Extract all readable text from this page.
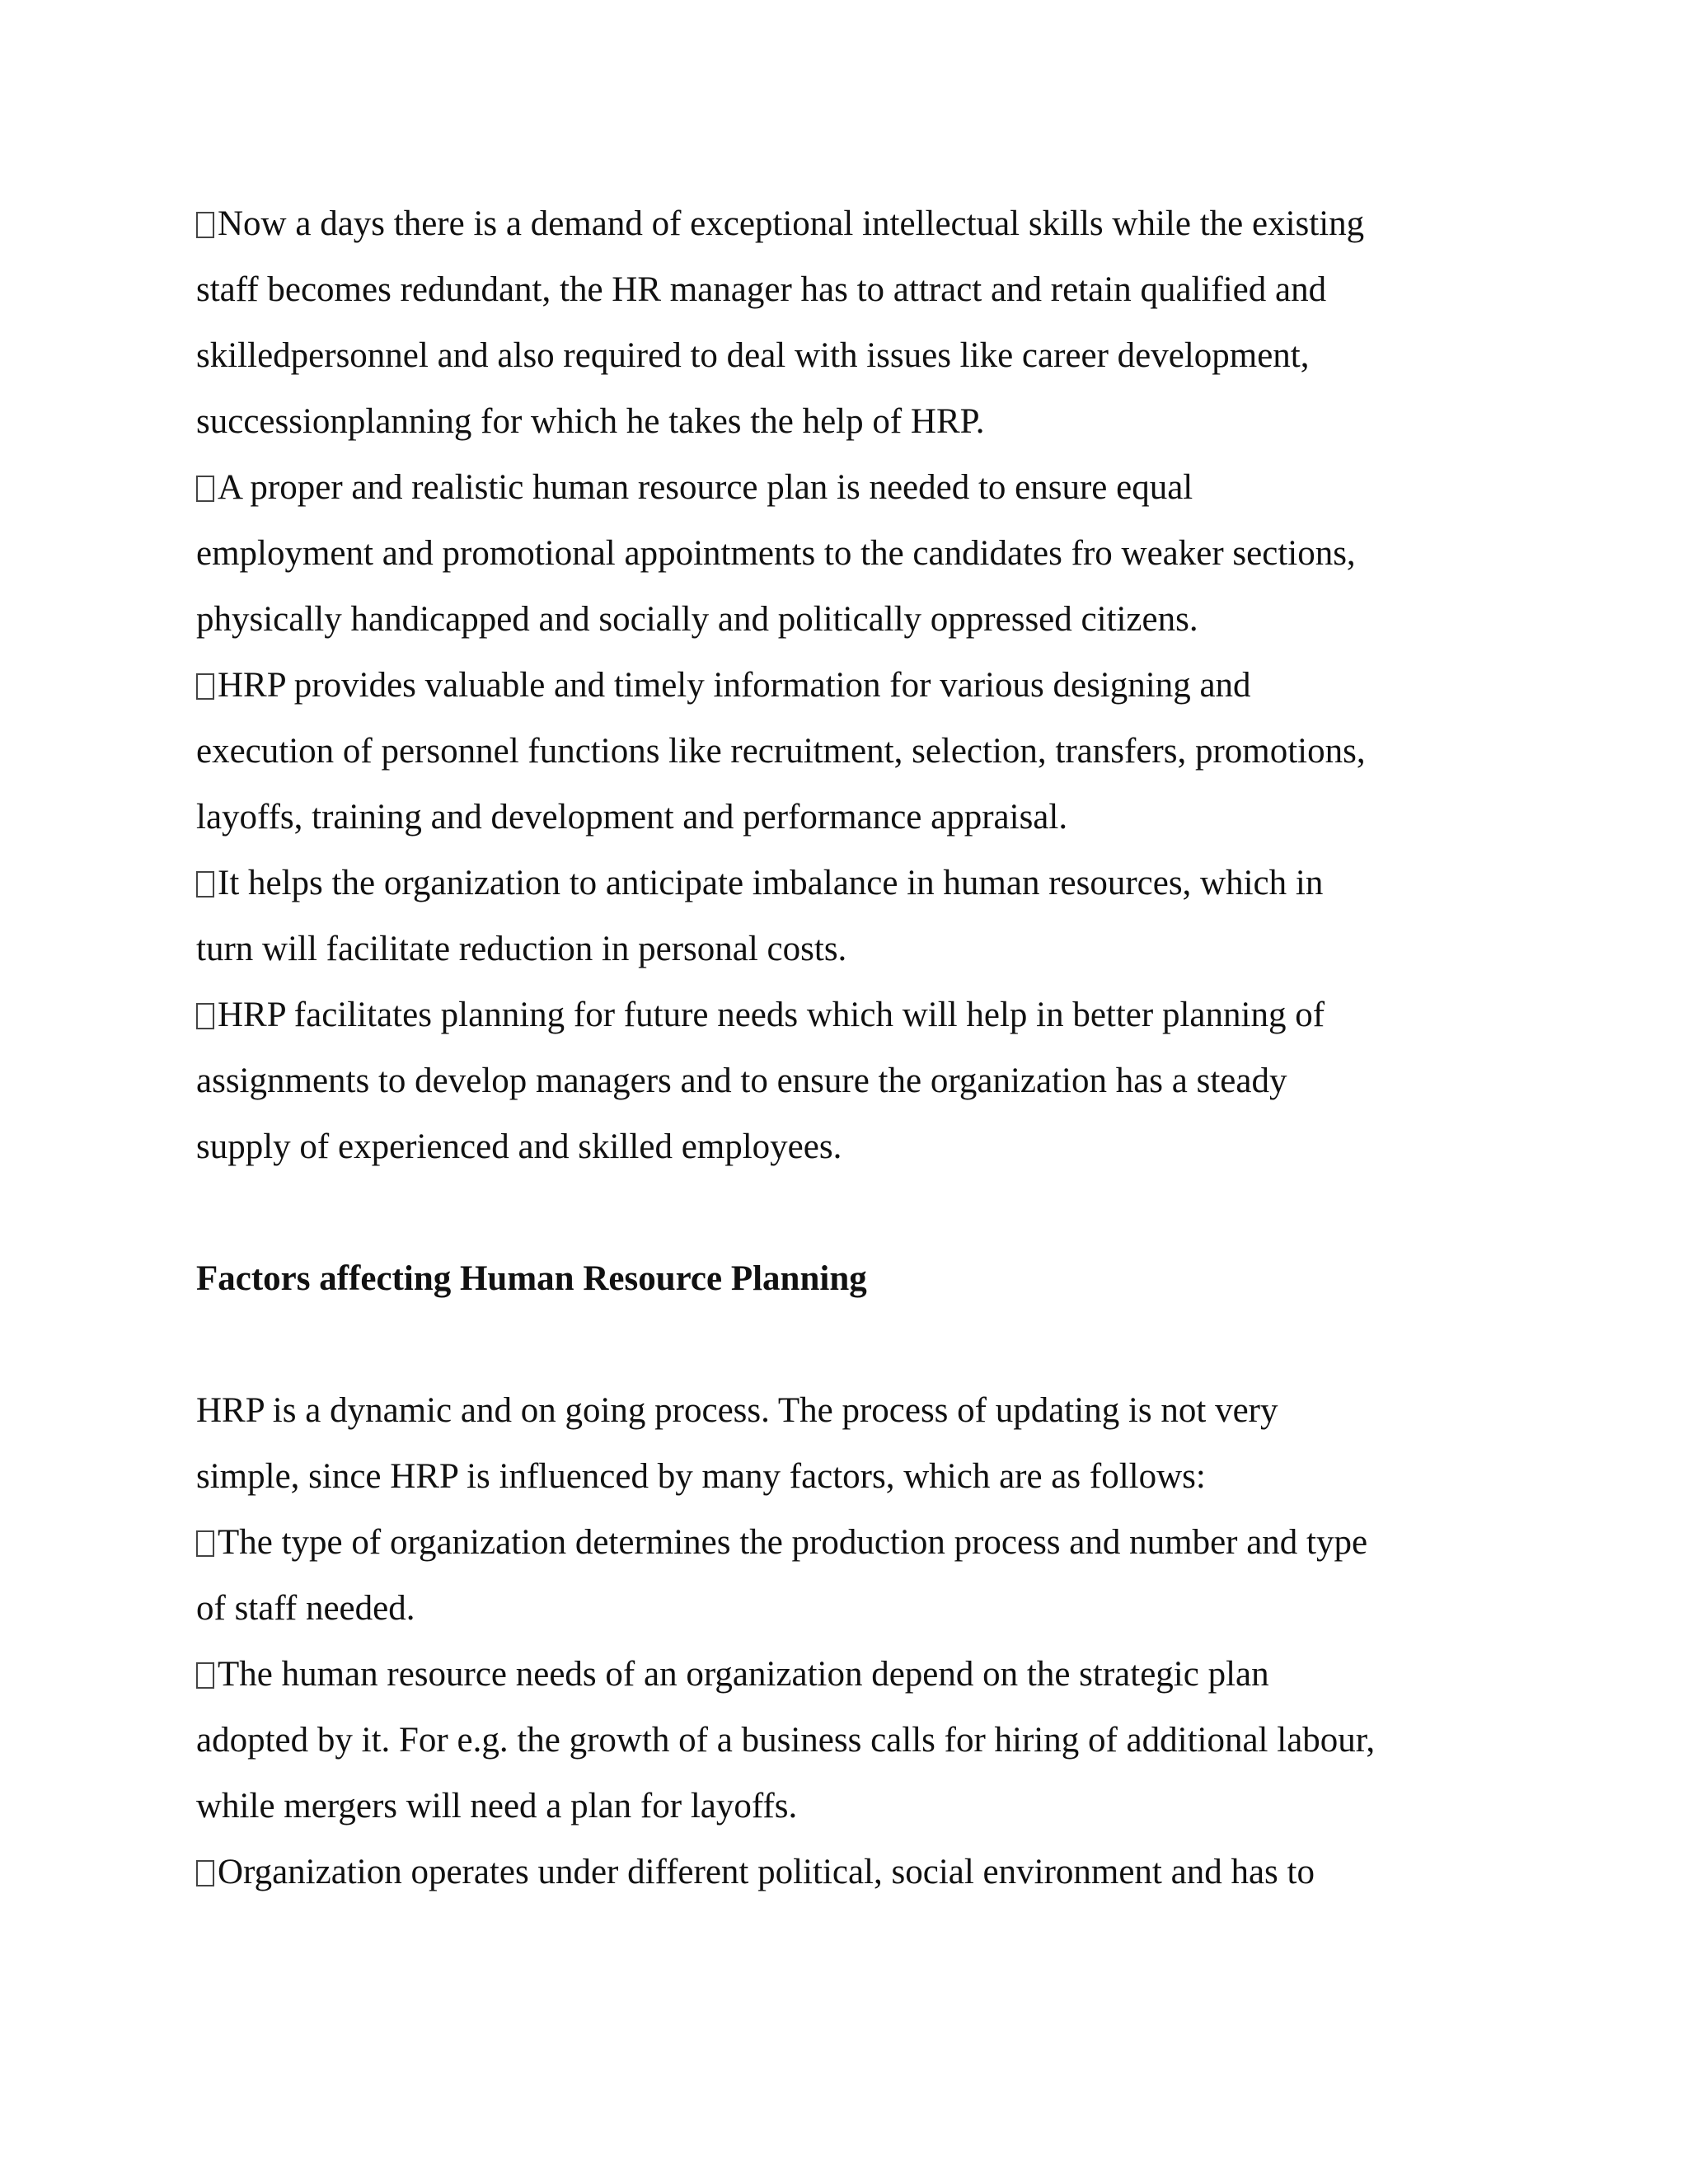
Now a days there is a demand of exceptional intellectual skills while the existing
staff becomes redundant, the HR manager has to attract and retain qualified and
skilledpersonnel and also required to deal with issues like career development,
successionplanning for which he takes the help of HRP.
A proper and realistic human resource plan is needed to ensure equal
employment and promotional appointments to the candidates fro weaker sections,
physically handicapped and socially and politically oppressed citizens.
HRP provides valuable and timely information for various designing and
execution of personnel functions like recruitment, selection, transfers, promotions,
layoffs, training and development and performance appraisal.
It helps the organization to anticipate imbalance in human resources, which in
turn will facilitate reduction in personal costs.
HRP facilitates planning for future needs which will help in better planning of
assignments to develop managers and to ensure the organization has a steady
supply of experienced and skilled employees.
Factors affecting Human Resource Planning
HRP is a dynamic and on going process. The process of updating is not very
simple, since HRP is influenced by many factors, which are as follows:
The type of organization determines the production process and number and type
of staff needed.
The human resource needs of an organization depend on the strategic plan
adopted by it. For e.g. the growth of a business calls for hiring of additional labour,
while mergers will need a plan for layoffs.
Organization operates under different political, social environment and has to
